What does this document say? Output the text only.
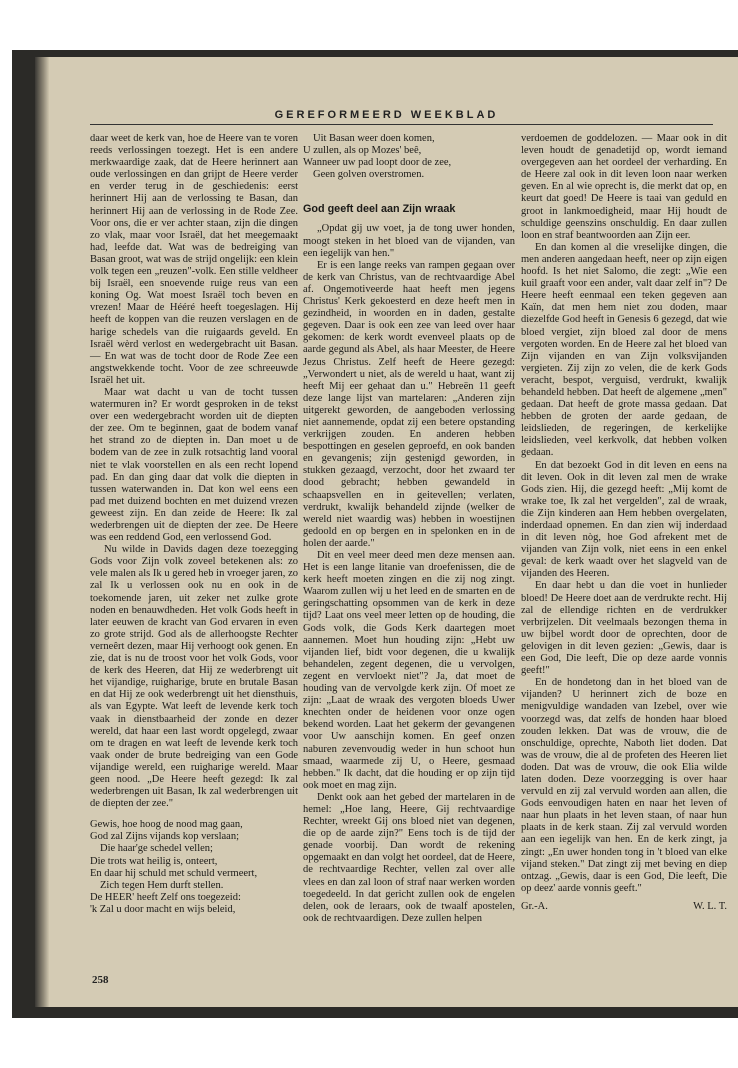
GEREFORMEERD WEEKBLAD

daar weet de kerk van, hoe de Heere van te voren reeds verlossingen toezegt. Het is een andere merkwaardige zaak, dat de Heere herinnert aan oude verlossingen en dan grijpt de Heere verder en verder terug in de geschiedenis: eerst herinnert Hij aan de verlossing te Basan, dan herinnert Hij aan de verlossing in de Rode Zee. Voor ons, die er ver achter staan, zijn die dingen zo vlak, maar voor Israël, dat het meegemaakt had, leefde dat. Wat was de bedreiging van Basan groot, wat was de strijd ongelijk: een klein volk tegen een „reuzen"-volk. Een stille veldheer bij Israël, een snoevende ruige reus van een koning Og. Wat moest Israël toch beven en vrezen! Maar de Hééré heeft toegeslagen. Hij heeft de koppen van die reuzen verslagen en de harige schedels van die ruigaards geveld. En Israël wèrd verlost en wedergebracht uit Basan. — En wat was de tocht door de Rode Zee een angstwekkende tocht. Voor de zee schreeuwde Israël het uit.

Maar wat dacht u van de tocht tussen watermuren in? Er wordt gesproken in de tekst over een wedergebracht worden uit de diepten der zee. Om te beginnen, gaat de bodem vanaf het strand zo de diepten in. Dan moet u de bodem van de zee in zulk rotsachtig land vooral niet te vlak voorstellen en als een recht lopend pad. En dan ging daar dat volk die diepten in tussen waterwanden in. Dat kon wel eens een pad met duizend bochten en met duizend vrezen geweest zijn. En dan zeide de Heere: Ik zal wederbrengen uit de diepten der zee. De Heere was een reddend God, een verlossend God.

Nu wilde in Davids dagen deze toezegging Gods voor Zijn volk zoveel betekenen als: zo vele malen als Ik u gered heb in vroeger jaren, zo zal Ik u verlossen ook nu en ook in de toekomende jaren, uit zeker net zulke grote noden en benauwdheden. Het volk Gods heeft in later eeuwen de kracht van God ervaren in even zo grote strijd. God als de allerhoogste Rechter verneêrt dezen, maar Hij verhoogt ook genen. En zie, dat is nu de troost voor het volk Gods, voor de kerk des Heeren, dat Hij ze wederbrengt uit het vijandige, ruigharige, brute en brutale Basan en dat Hij ze ook wederbrengt uit het diensthuis, als van Egypte. Wat leeft de levende kerk toch vaak in dienstbaarheid der zonde en dezer wereld, dat haar een last wordt opgelegd, zwaar om te dragen en wat leeft de levende kerk toch vaak onder de brute bedreiging van een Gode vijandige wereld, een ruigharige wereld. Maar geen nood. „De Heere heeft gezegd: Ik zal wederbrengen uit Basan, Ik zal wederbrengen uit de diepten der zee."

Gewis, hoe hoog de nood mag gaan,
God zal Zijns vijands kop verslaan;
Die haar'ge schedel vellen;
Die trots wat heilig is, onteert,
En daar hij schuld met schuld vermeert,
Zich tegen Hem durft stellen.
De HEER' heeft Zelf ons toegezeid:
'k Zal u door macht en wijs beleid,
Uit Basan weer doen komen,
U zullen, als op Mozes' beê,
Wanneer uw pad loopt door de zee,
Geen golven overstromen.
God geeft deel aan Zijn wraak

„Opdat gij uw voet, ja de tong uwer honden, moogt steken in het bloed van de vijanden, van een iegelijk van hen."

Er is een lange reeks van rampen gegaan over de kerk van Christus, van de rechtvaardige Abel af. Ongemotiveerde haat heeft men jegens Christus' Kerk gekoesterd en deze heeft men in gezindheid, in woorden en in daden, gestalte gegeven. Daar is ook een zee van leed over haar gekomen: de kerk wordt evenveel plaats op de aarde gegund als Abel, als haar Meester, de Heere Jezus Christus. Zelf heeft de Heere gezegd: „Verwondert u niet, als de wereld u haat, want zij heeft Mij eer gehaat dan u." Hebreën 11 geeft deze lange lijst van martelaren: „Anderen zijn uitgerekt geworden, de aangeboden verlossing niet aannemende, opdat zij een betere opstanding verkrijgen zouden. En anderen hebben bespottingen en geselen geproefd, en ook banden en gevangenis; zijn gestenigd geworden, in stukken gezaagd, verzocht, door het zwaard ter dood gebracht; hebben gewandeld in schaapsvellen en in geitevellen; verlaten, verdrukt, kwalijk behandeld zijnde (welker de wereld niet waardig was) hebben in woestijnen gedoold en op bergen en in spelonken en in de holen der aarde."

Dit en veel meer deed men deze mensen aan. Het is een lange litanie van droefenissen, die de kerk heeft moeten zingen en die zij nog zingt. Waarom zullen wij u het leed en de smarten en de geringschatting opsommen van de kerk in deze tijd? Laat ons veel meer letten op de houding, die Gods volk, die Gods Kerk daartegen moet aannemen. Moet hun houding zijn: „Hebt uw vijanden lief, bidt voor degenen, die u kwalijk behandelen, zegent degenen, die u vervolgen, zegent en vervloekt niet"? Ja, dat moet de houding van de vervolgde kerk zijn. Of moet ze zijn: „Laat de wraak des vergoten bloeds Uwer knechten onder de heidenen voor onze ogen bekend worden. Laat het gekerm der gevangenen voor Uw aanschijn komen. En geef onzen naburen zevenvoudig weder in hun schoot hun smaad, waarmede zij U, o Heere, gesmaad hebben." Ik dacht, dat die houding er op zijn tijd ook moet en mag zijn.

Denkt ook aan het gebed der martelaren in de hemel: „Hoe lang, Heere, Gij rechtvaardige Rechter, wreekt Gij ons bloed niet van degenen, die op de aarde zijn?" Eens toch is de tijd der genade voorbij. Dan wordt de rekening opgemaakt en dan volgt het oordeel, dat de Heere, de rechtvaardige Rechter, vellen zal over alle vlees en dan zal loon of straf naar werken worden toegedeeld. In dat gericht zullen ook de engelen delen, ook de leraars, ook de twaalf apostelen, ook de rechtvaardigen. Deze zullen helpen

verdoemen de goddelozen. — Maar ook in dit leven houdt de genadetijd op, wordt iemand overgegeven aan het oordeel der verharding. En de Heere zal ook in dit leven loon naar werken geven. En al wie oprecht is, die merkt dat op, en keurt dat goed! De Heere is taai van geduld en groot in lankmoedigheid, maar Hij houdt de schuldige geenszins onschuldig. En daar zullen loon en straf beantwoorden aan Zijn eer.

En dan komen al die vreselijke dingen, die men anderen aangedaan heeft, neer op zijn eigen hoofd. Is het niet Salomo, die zegt: „Wie een kuil graaft voor een ander, valt daar zelf in"? De Heere heeft eenmaal een teken gegeven aan Kaïn, dat men hem niet zou doden, maar diezelfde God heeft in Genesis 6 gezegd, dat wie bloed vergiet, zijn bloed zal door de mens vergoten worden. En de Heere zal het bloed van Zijn vijanden en van Zijn volksvijanden vergieten. Zij zijn zo velen, die de kerk Gods veracht, bespot, verguisd, verdrukt, kwalijk behandeld hebben. Dat heeft de algemene „men" gedaan. Dat heeft de grote massa gedaan. Dat hebben de groten der aarde gedaan, de leidslieden, de regeringen, de kerkelijke leidslieden, veel kerkvolk, dat hebben volken gedaan.

En dat bezoekt God in dit leven en eens na dit leven. Ook in dit leven zal men de wrake Gods zien. Hij, die gezegd heeft: „Mij komt de wrake toe, Ik zal het vergelden", zal de wraak, die Zijn kinderen aan Hem hebben overgelaten, inderdaad opnemen. En dan zien wij inderdaad in dit leven nòg, hoe God afrekent met de vijanden van Zijn volk, niet eens in een enkel geval: de kerk waadt over het slagveld van de vijanden des Heeren.

En daar hebt u dan die voet in hunlieder bloed! De Heere doet aan de verdrukte recht. Hij zal de ellendige richten en de verdrukker verbrijzelen. Dit veelmaals bezongen thema in uw bijbel wordt door de oprechten, door de gelovigen in dit leven gezien: „Gewis, daar is een God, Die leeft, Die op deze aarde vonnis geeft!"

En de hondetong dan in het bloed van de vijanden? U herinnert zich de boze en menigvuldige wandaden van Izebel, over wie voorzegd was, dat zelfs de honden haar bloed zouden lekken. Dat was de vrouw, die de onschuldige, oprechte, Naboth liet doden. Dat was de vrouw, die al de profeten des Heeren liet doden. Dat was de vrouw, die ook Elia wilde laten doden. Deze voorzegging is over haar vervuld en zij zal vervuld worden aan allen, die Gods eenvoudigen haten en naar het leven of naar hun plaats in het leven staan, of naar hun plaats in de kerk staan. Zij zal vervuld worden aan een iegelijk van hen. En de kerk zingt, ja zingt: „En uwer honden tong in 't bloed van elke vijand steken." Dat zingt zij met beving en diep ontzag. „Gewis, daar is een God, Die leeft, Die op deez' aarde vonnis geeft."

Gr.-A.	W. L. T.
258
